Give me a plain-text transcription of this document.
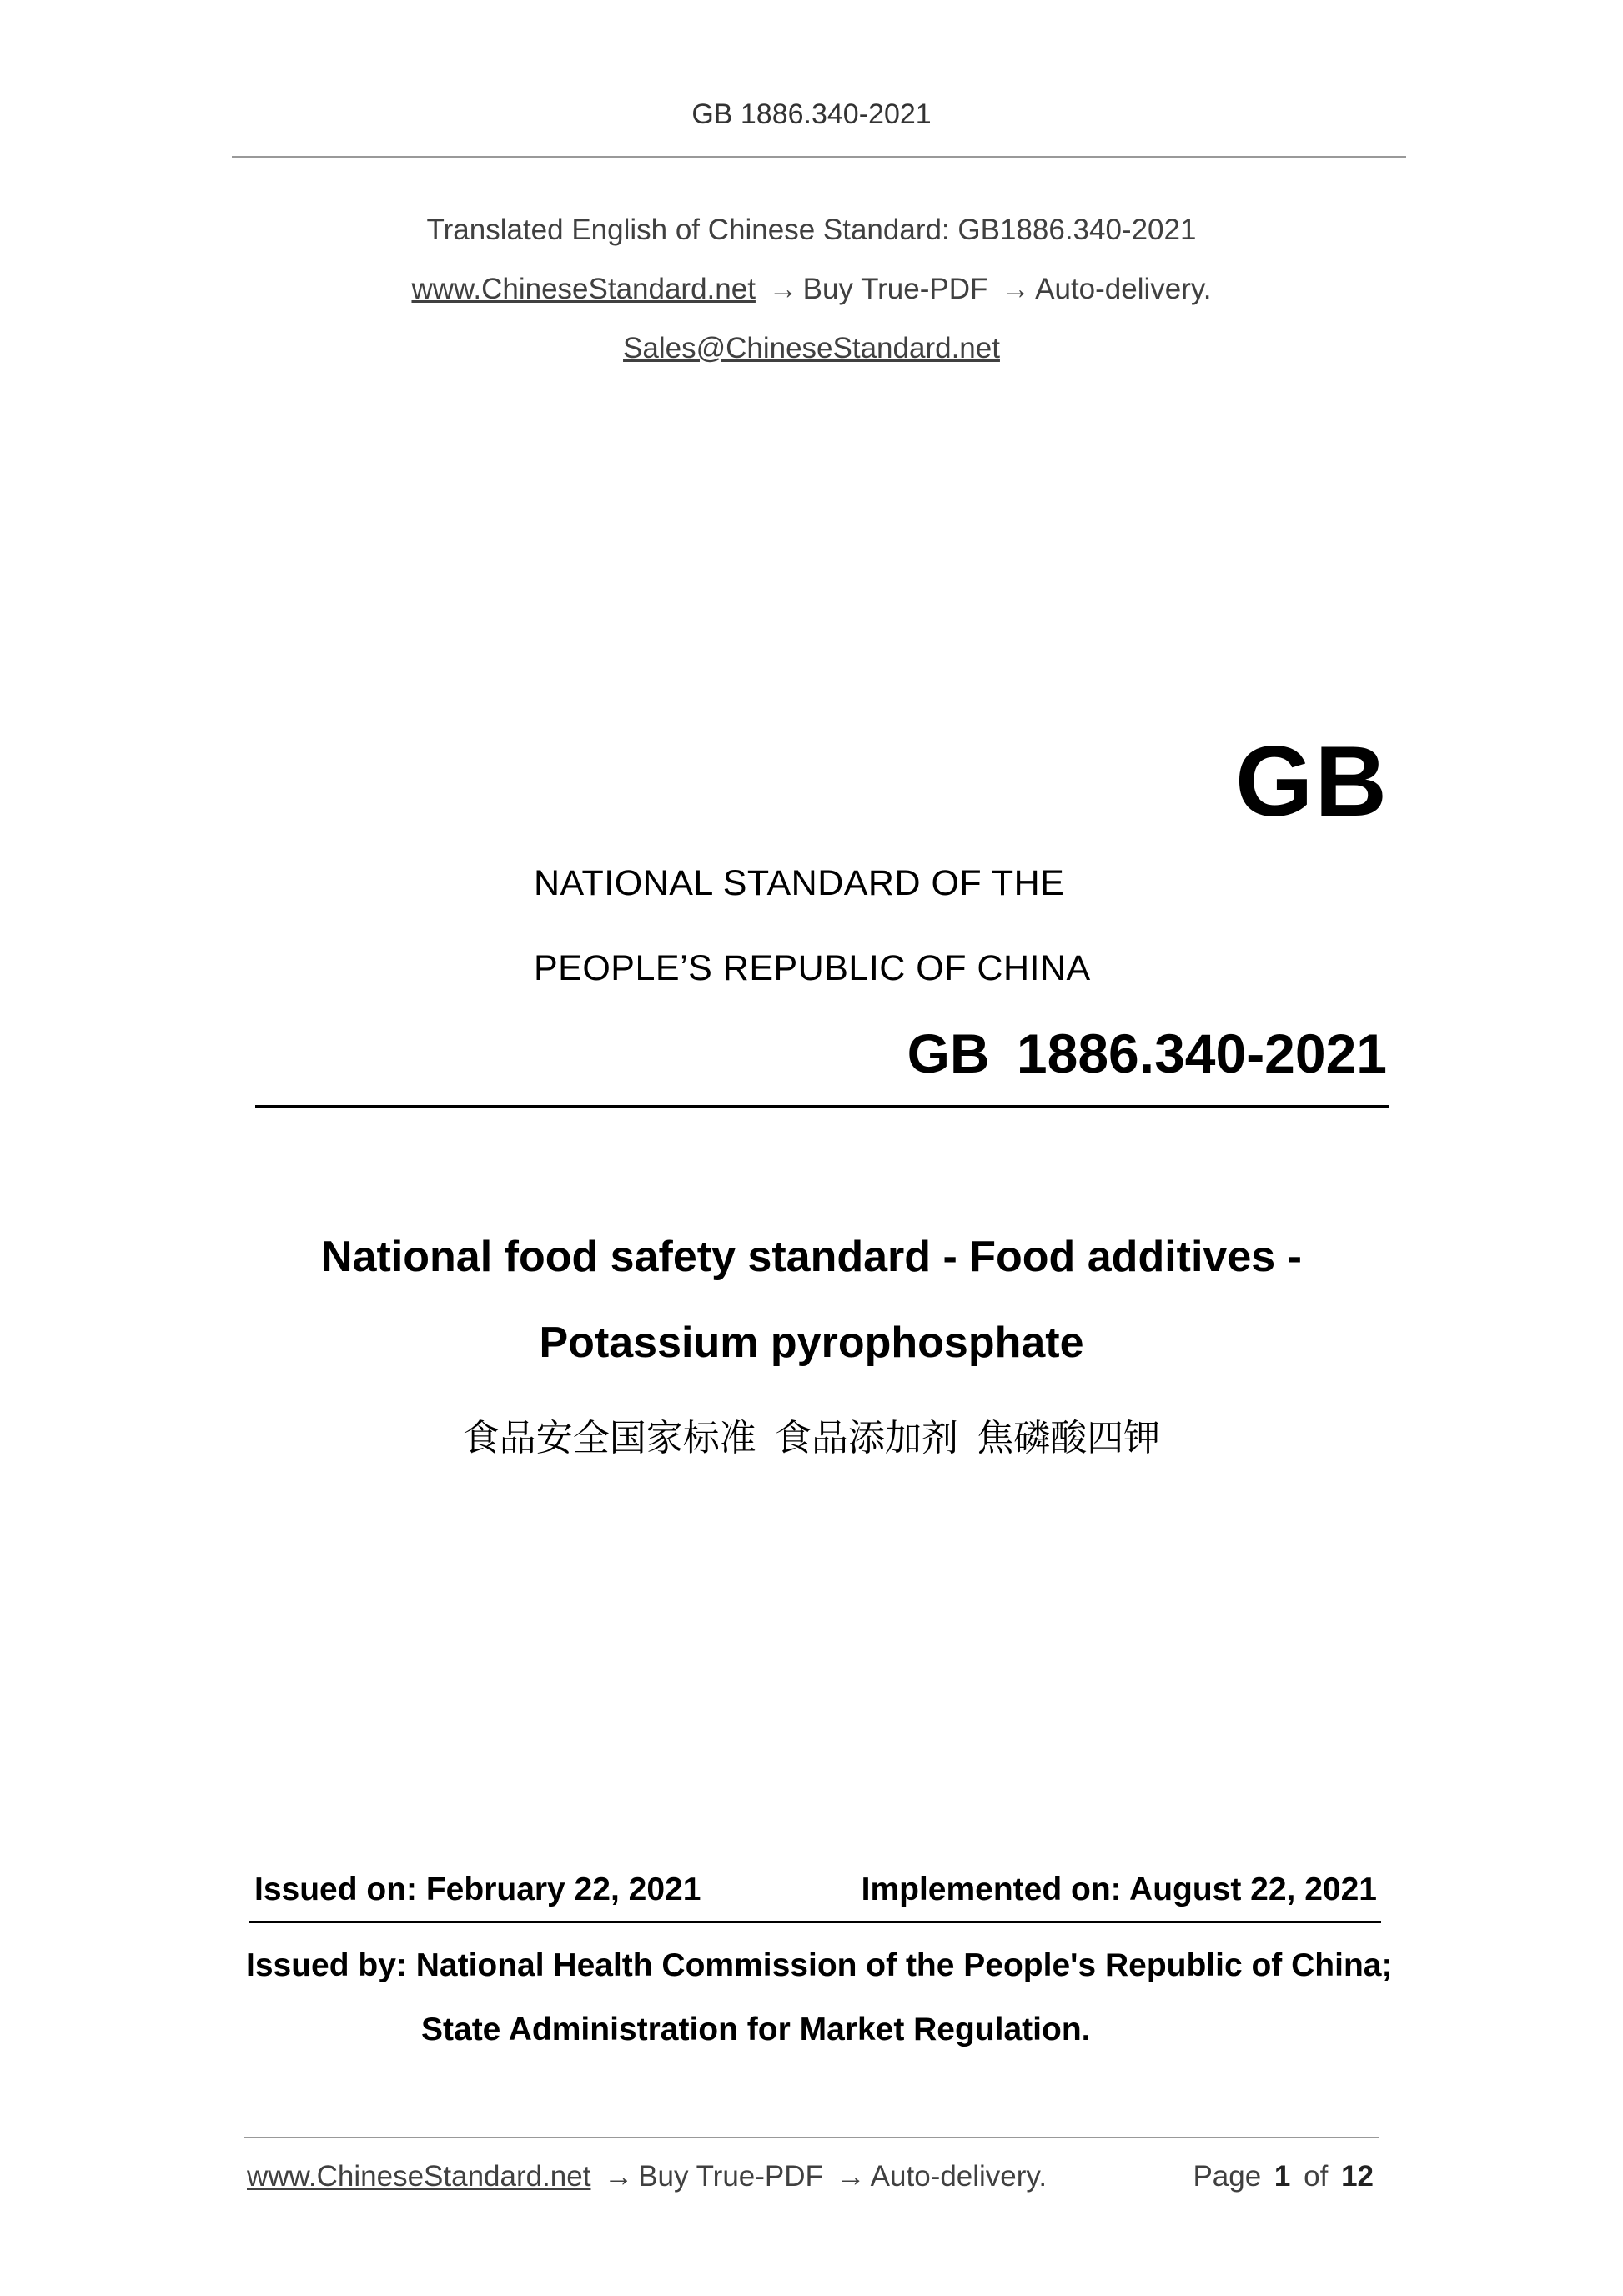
GB 1886.340-2021
Translated English of Chinese Standard: GB1886.340-2021
www.ChineseStandard.net → Buy True-PDF → Auto-delivery.
Sales@ChineseStandard.net
GB
NATIONAL STANDARD OF THE
PEOPLE’S REPUBLIC OF CHINA
GB 1886.340-2021
National food safety standard - Food additives -
Potassium pyrophosphate
食品安全国家标准 食品添加剂 焦磷酸四钾
Issued on: February 22, 2021	Implemented on: August 22, 2021
Issued by: National Health Commission of the People's Republic of China;
State Administration for Market Regulation.
www.ChineseStandard.net → Buy True-PDF → Auto-delivery.	Page 1 of 12
